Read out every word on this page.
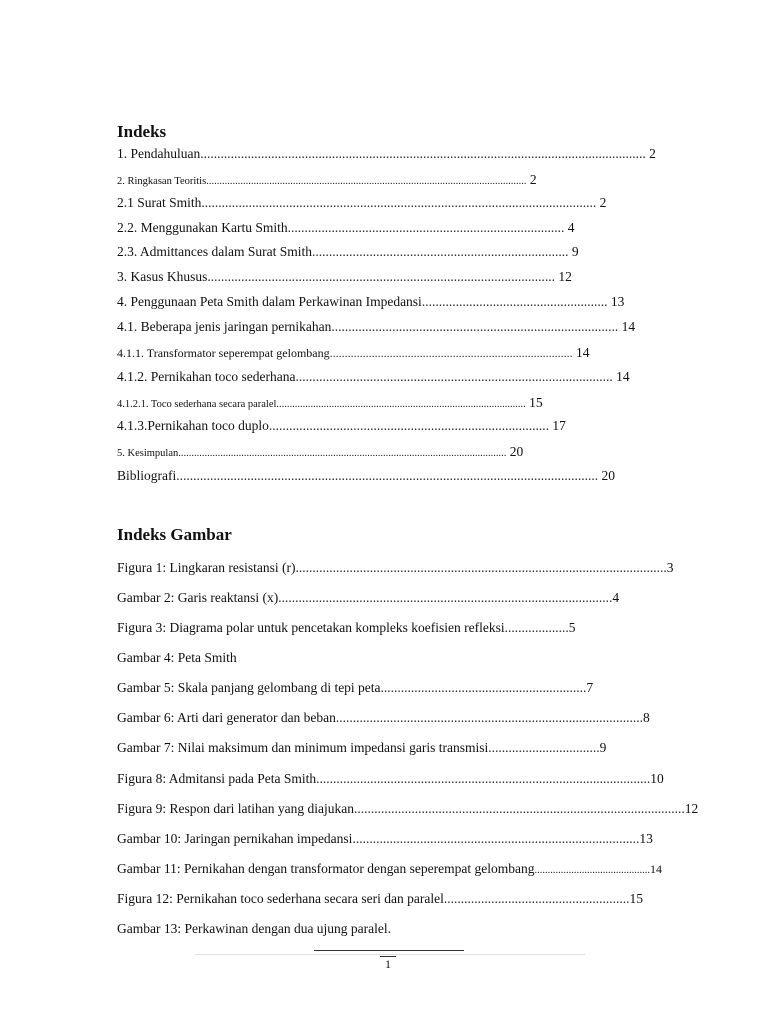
Indeks
1. Pendahuluan.................................................................................................................................... 2
2. Ringkasan Teoritis.......................................................................................................................... 2
2.1 Surat Smith..................................................................................................................... 2
2.2. Menggunakan Kartu Smith.................................................................................. 4
2.3. Admittances dalam Surat Smith............................................................................ 9
3. Kasus Khusus....................................................................................................... 12
4. Penggunaan Peta Smith dalam Perkawinan Impedansi....................................................... 13
4.1. Beberapa jenis jaringan pernikahan..................................................................................... 14
4.1.1. Transformator seperempat gelombang................................................................................. 14
4.1.2. Pernikahan toco sederhana.............................................................................................. 14
4.1.2.1. Toco sederhana secara paralel............................................................................................... 15
4.1.3.Pernikahan toco duplo................................................................................... 17
5. Kesimpulan............................................................................................................................. 20
Bibliografi............................................................................................................................. 20
Indeks Gambar
Figura 1: Lingkaran resistansi (r)..............................................................................................................3
Gambar 2: Garis reaktansi (x)...................................................................................................4
Figura 3: Diagrama polar untuk pencetakan kompleks koefisien refleksi...................5
Gambar 4: Peta Smith
Gambar 5: Skala panjang gelombang di tepi peta.............................................................7
Gambar 6: Arti dari generator dan beban...........................................................................................8
Gambar 7: Nilai maksimum dan minimum impedansi garis transmisi.................................9
Figura 8: Admitansi pada Peta Smith...................................................................................................10
Figura 9: Respon dari latihan yang diajukan..................................................................................................12
Gambar 10: Jaringan pernikahan impedansi.....................................................................................13
Gambar 11: Pernikahan dengan transformator dengan seperempat gelombang............................................14
Figura 12: Pernikahan toco sederhana secara seri dan paralel.......................................................15
Gambar 13: Perkawinan dengan dua ujung paralel.
1
